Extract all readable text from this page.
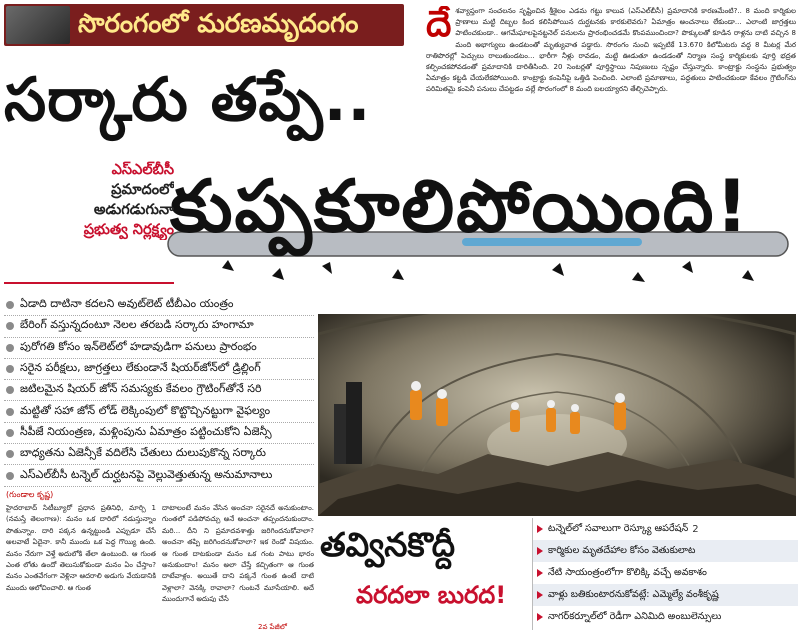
సొరంగంలో మరణమృదంగం
సర్కారు తప్పే..
కుప్పకూలిపోయింది!
దే శవ్యాప్తంగా సంచలనం సృష్టించిన శ్రీశైలం ఎడమ గట్టు కాలువ (ఎస్‌ఎల్‌బీసీ) ప్రమాదానికి కారణమేంటి?.. 8 మంది కార్మికుల ప్రాణాలు మట్టి దిబ్బల కింద కలిసిపోయిన దుర్ఘటనకు కారకులెవరు? ఏమాత్రం అంచనాలు లేకుండా... ఎలాంటి జాగ్రత్తలు పాటించకుండా.. ఆగమేఘాలపైనట్టనెల్ పనులను ప్రారంభించడమే కొంపముంచిందా? పొక్కులతో కూడిన రాళ్లను దాటి వచ్చిన 8 మంది అభాగ్యులు ఉండటంతో మృత్యువాత పడ్డారు. సొరంగం నుంచి ఇప్పటికే 13.670 కిలోమీటరు వద్ద 8 మీటర్ల మేర రాతిపొరల్లో పెచ్చులు రాలుతుండటం... భారీగా నీళ్లు రావడం, మట్టి ఊడుతూ ఉండడంతో నిర్మాణ సంస్థ కార్మికులకు పూర్తి భద్రత కల్పించకపోవడంతో ప్రమాదానికి దారితీసింది. 20 సెంటర్లతో పూర్తిస్థాయి నిపుణులు స్పష్టం చేస్తున్నారు. కాంట్రాక్టు సంస్థను ప్రభుత్వం ఏమాత్రం కట్టడి చేయలేకపోయింది. కాంట్రాక్టు కంపెనీపై ఒత్తిడి పెంచింది. ఎలాంటి ప్రమాణాలు, పద్ధతులు పాటించకుండా కేవలం గ్రౌటింగ్‌ను పరిమితమై కంపెనీ పనులు చేపట్టడం వల్లే సొరంగంలో 8 మంది బలయ్యారని తేల్చిచెప్పారు.
ఎస్‌ఎల్‌బీసీ
ప్రమాదంలో
అడుగడుగునా
ప్రభుత్వ నిర్లక్ష్యం
ఏడాది దాటినా కదలని అవుట్‌లెట్ టీబీఎం యంత్రం
బేరింగ్ వస్తున్నదంటూ నెలల తరబడి సర్కారు హంగామా
పురోగతి కోసం ఇన్‌లెట్‌లో హడావుడిగా పనులు ప్రారంభం
సరైన పరీక్షలు, జాగ్రత్తలు లేకుండానే షియర్‌జోన్‌లో డ్రిల్లింగ్
జటిలమైన షియర్ జోన్ సమస్యకు కేవలం గ్రౌటింగ్‌తోనే సరి
మట్టితో సహా జోన్ లోడ్ లెక్కింపులో కొట్టొచ్చినట్టుగా వైఫల్యం
సీపీజే నియంత్రణ, మళ్లింపును ఏమాత్రం పట్టించుకోని ఏజెన్సీ
బాధ్యతను ఏజెన్సీకే వదిలేసి చేతులు దులుపుకొన్న సర్కారు
ఎస్‌ఎల్‌బీసీ టన్నెల్ దుర్ఘటనపై వెల్లువెత్తుతున్న అనుమానాలు
(గుండాల కృష్ణ)
హైదరాబాద్ సిటీబ్యూరో ప్రధాన ప్రతినిధి, మార్చి 1 (నమస్తే తెలంగాణ): మనం ఒక దారిలో నడుస్తున్నాం పొతున్నాం. దారి పక్కన ఉన్నట్టుండి ఎప్పుడూ చేసే అలవాటే ఏదైనా. కానీ ముందు ఒక పెద్ద గొయ్యి ఉంది. మనం నేరుగా వెళ్తే అదులోకి తేలా ఉంటుంది. ఆ గుంత ఎంత లోతు ఉందో తెలుసుకోకుండా మనం ఏం చేస్తాం? మనం ఎంతవేగంగా వెళ్లినా ఆదరాలి అడుగు వేయడానికి ముందు ఆలోచించాలి. ఆ గుంత
దాటాలంటే మనం వేసిన అంచనా సరైనదే అనుకుంటాం. గుంతలో పడిపోవచ్చు అనే అంచనా తప్పందనుకుందాం. మరి... దీని ని ప్రమాదవశాత్తు జరిగిందనుకోవాలా? అంచనా తప్పి జరిగిందనుకోవాలా? ఇక రెండో విషయం. ఆ గుంత దాటకుండా మనం ఒక గంట పాటు భారం అనుకుందాం! మనం అలా చేస్తే కచ్చితంగా ఆ గుంత దాటేవాళ్లం. అయితే దాని పక్కనే గుంత ఉంటే దాటి వెళ్లాలా? వెనక్కి రావాలా? గుంటనే మూసేయాలి. అదే ముందుగానే అదుపు చేసే
2వ పేజీలో
తవ్వినకొద్దీ
వరదలా బురద!
టన్నెల్‌లో సవాలుగా రెస్క్యూ ఆపరేషన్ 2
కార్మికుల మృతదేహాల కోసం వెతుకులాట
నేటి సాయంత్రంలోగా కొలిక్కి వచ్చే అవకాశం
వాళ్లు బతికుంటారనుకోవట్లే: ఎమ్మెల్యే వంశీకృష్ణ
నాగర్‌కర్నూల్‌లో రెడీగా ఎనిమిది అంబులెన్సులు
